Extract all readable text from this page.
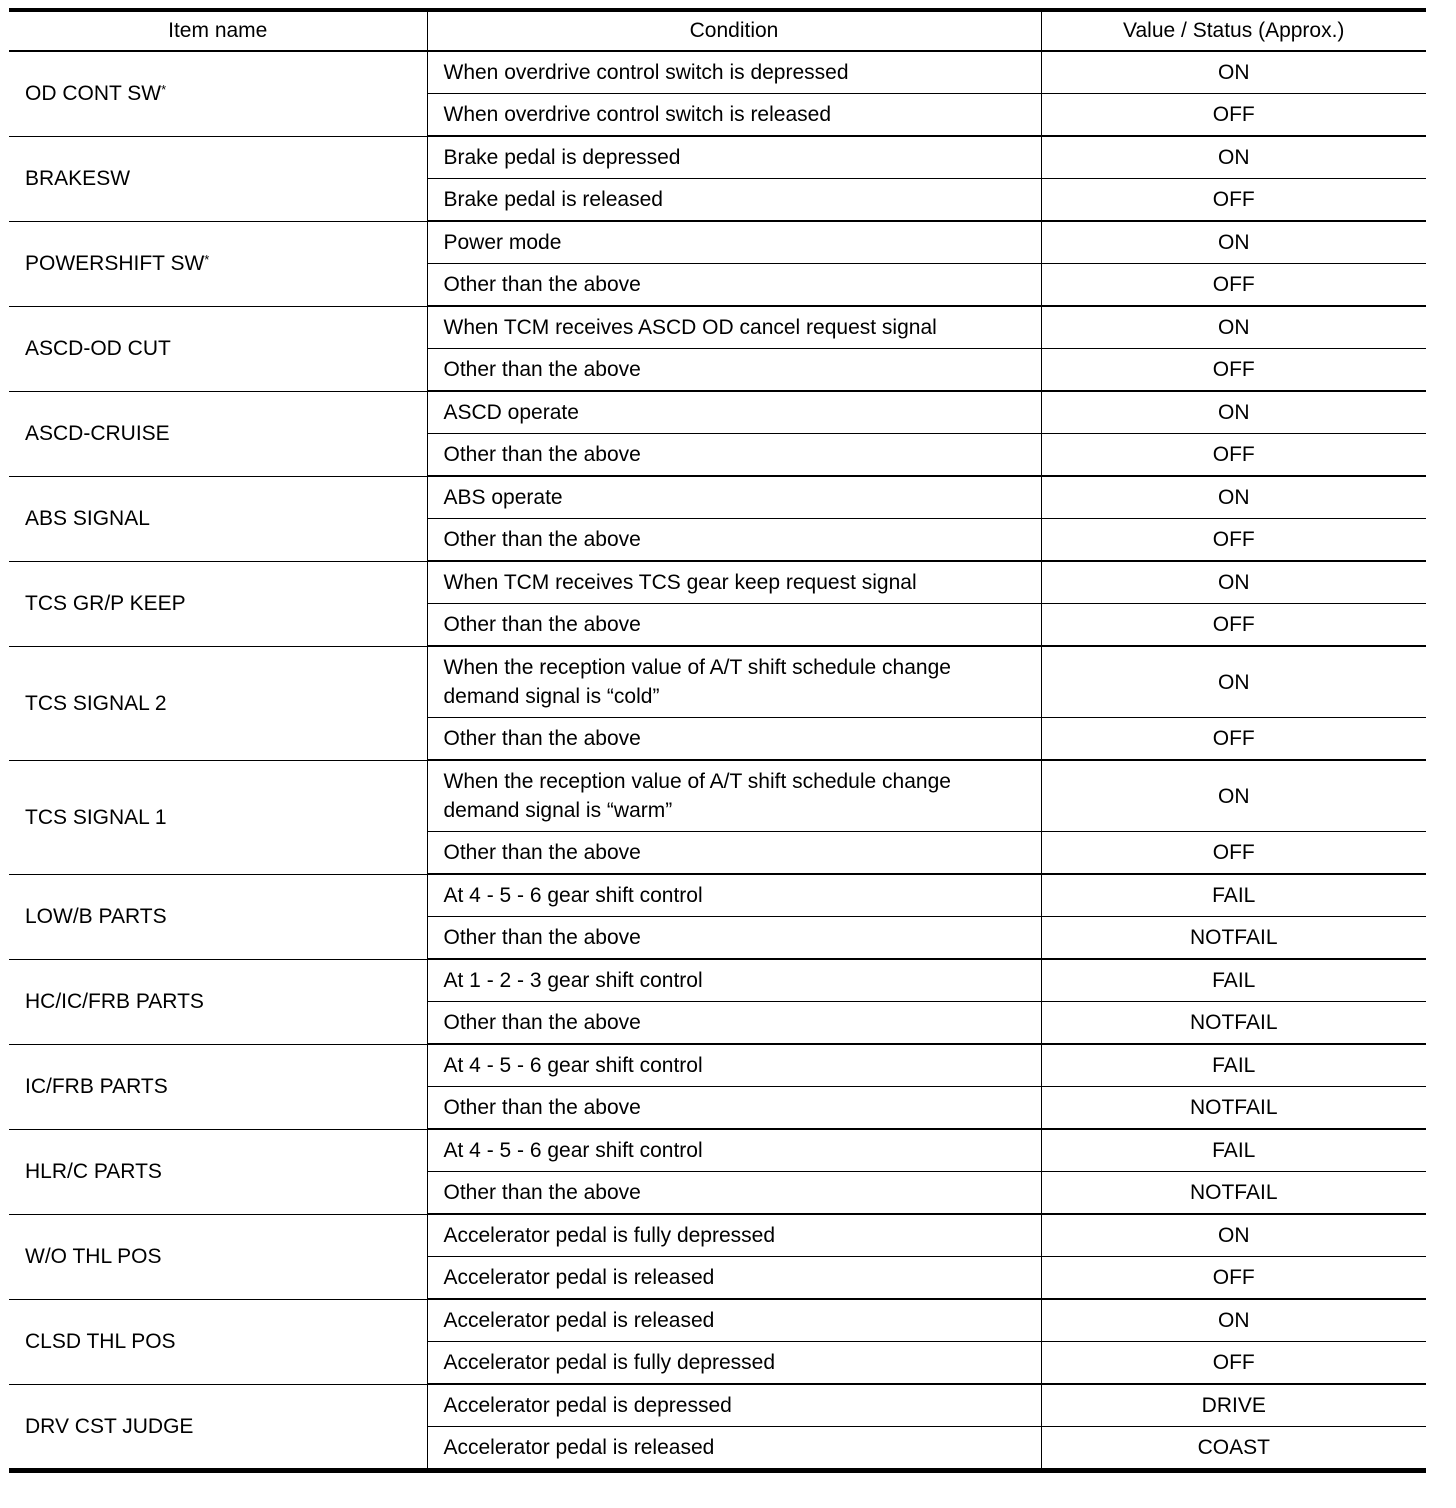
Item name	Condition	Value / Status (Approx.)
OD CONT SW*	When overdrive control switch is depressed	ON
	When overdrive control switch is released	OFF
BRAKESW	Brake pedal is depressed	ON
	Brake pedal is released	OFF
POWERSHIFT SW*	Power mode	ON
	Other than the above	OFF
ASCD-OD CUT	When TCM receives ASCD OD cancel request signal	ON
	Other than the above	OFF
ASCD-CRUISE	ASCD operate	ON
	Other than the above	OFF
ABS SIGNAL	ABS operate	ON
	Other than the above	OFF
TCS GR/P KEEP	When TCM receives TCS gear keep request signal	ON
	Other than the above	OFF
TCS SIGNAL 2	When the reception value of A/T shift schedule change demand signal is “cold”	ON
	Other than the above	OFF
TCS SIGNAL 1	When the reception value of A/T shift schedule change demand signal is “warm”	ON
	Other than the above	OFF
LOW/B PARTS	At 4 - 5 - 6 gear shift control	FAIL
	Other than the above	NOTFAIL
HC/IC/FRB PARTS	At 1 - 2 - 3 gear shift control	FAIL
	Other than the above	NOTFAIL
IC/FRB PARTS	At 4 - 5 - 6 gear shift control	FAIL
	Other than the above	NOTFAIL
HLR/C PARTS	At 4 - 5 - 6 gear shift control	FAIL
	Other than the above	NOTFAIL
W/O THL POS	Accelerator pedal is fully depressed	ON
	Accelerator pedal is released	OFF
CLSD THL POS	Accelerator pedal is released	ON
	Accelerator pedal is fully depressed	OFF
DRV CST JUDGE	Accelerator pedal is depressed	DRIVE
	Accelerator pedal is released	COAST
